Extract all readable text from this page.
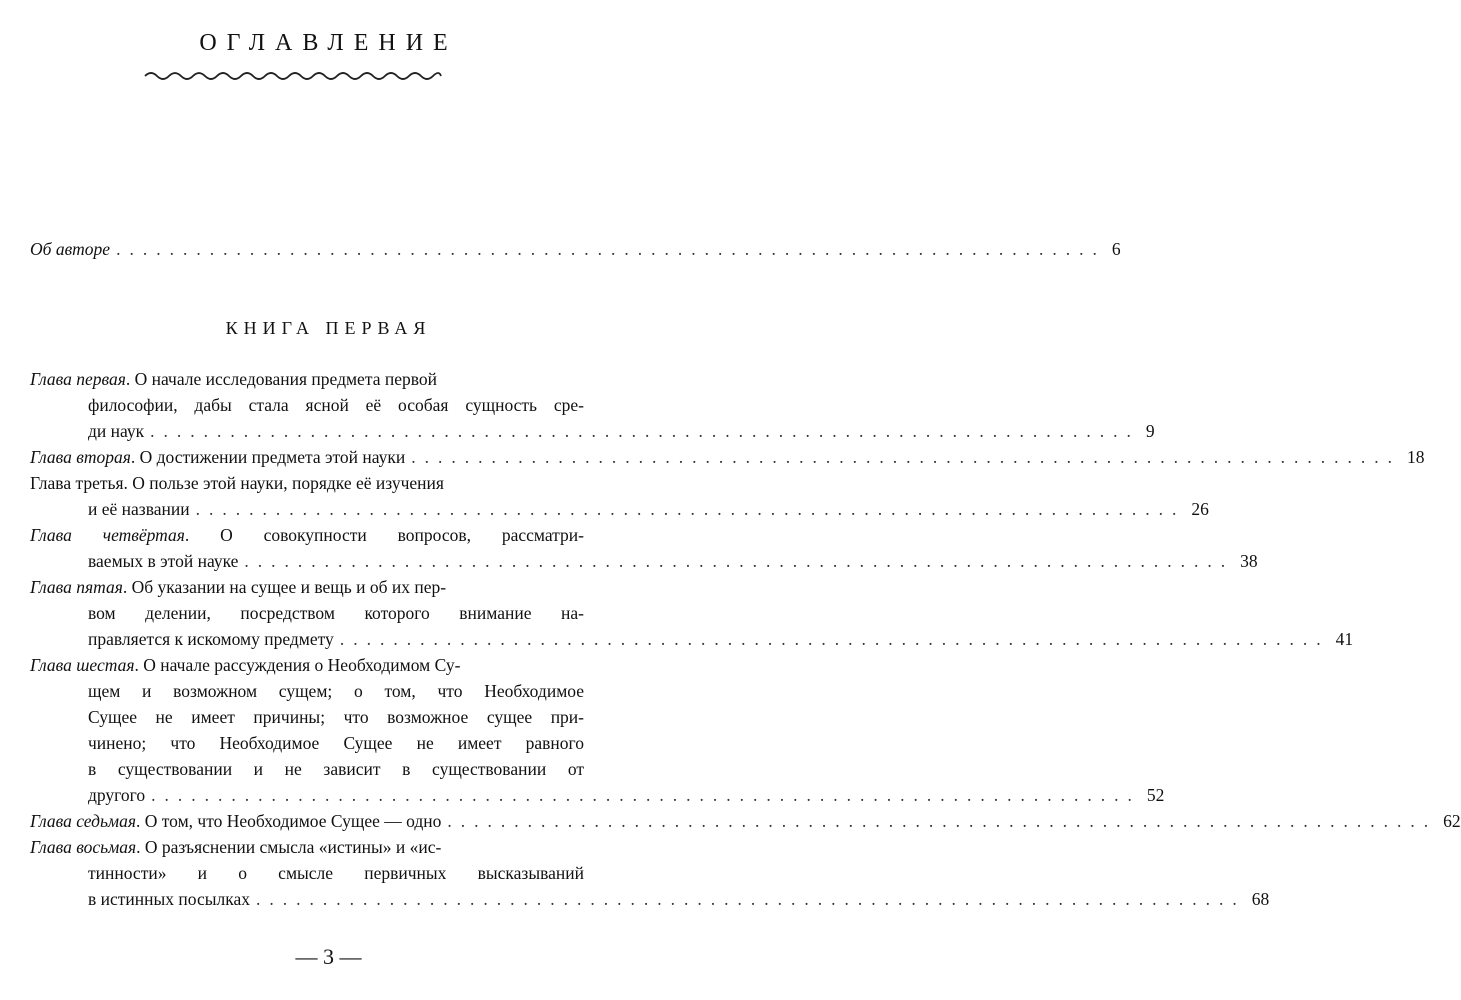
ОГЛАВЛЕНИЕ
Об авторе .......................................................................... 6
КНИГА ПЕРВАЯ
Глава первая. О начале исследования предмета первой
философии, дабы стала ясной её особая сущность сре-
ди наук .......................................................................... 9
Глава вторая. О достижении предмета этой науки .......................................................................... 18
Глава третья. О пользе этой науки, порядке её изучения
и её названии .......................................................................... 26
Глава четвёртая. О совокупности вопросов, рассматри-
ваемых в этой науке .......................................................................... 38
Глава пятая. Об указании на сущее и вещь и об их пер-
вом делении, посредством которого внимание на-
правляется к искомому предмету .......................................................................... 41
Глава шестая. О начале рассуждения о Необходимом Су-
щем и возможном сущем; о том, что Необходимое
Сущее не имеет причины; что возможное сущее при-
чинено; что Необходимое Сущее не имеет равного
в существовании и не зависит в существовании от
другого .......................................................................... 52
Глава седьмая. О том, что Необходимое Сущее — одно .......................................................................... 62
Глава восьмая. О разъяснении смысла «истины» и «ис-
тинности» и о смысле первичных высказываний
в истинных посылках .......................................................................... 68
— 3 —
